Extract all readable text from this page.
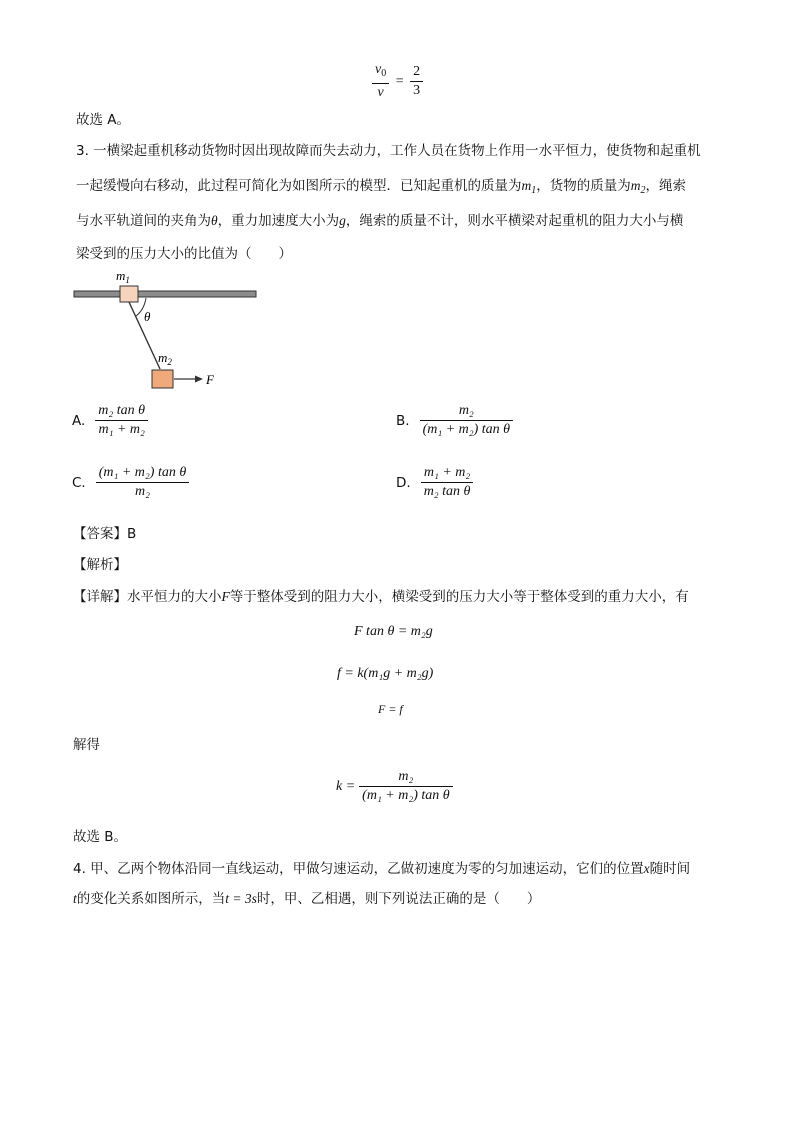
$\frac{v_0}{v} = \frac{2}{3}$
故选 A。
3. 一横梁起重机移动货物时因出现故障而失去动力，工作人员在货物上作用一水平恒力，使货物和起重机
一起缓慢向右移动，此过程可简化为如图所示的模型．已知起重机的质量为$m_1$，货物的质量为$m_2$，绳索
与水平轨道间的夹角为θ，重力加速度大小为g，绳索的质量不计，则水平横梁对起重机的阻力大小与横
梁受到的压力大小的比值为（　　）
$m_1$
θ
$m_2$
F
A. $\frac{\text{m₂ tan θ}}{\text{m₁ + m₂}}$	B. $\frac{\text{m₂}}{\text{(m₁ + m₂) tan θ}}$
C. $\frac{\text{(m₁ + m₂) tan θ}}{\text{m₂}}$	D. $\frac{\text{m₁ + m₂}}{\text{m₂ tan θ}}$
【答案】B
【解析】
【详解】水平恒力的大小F等于整体受到的阻力大小，横梁受到的压力大小等于整体受到的重力大小，有
F tan θ = m₂g
f = k(m₁g + m₂g)
F = f
解得
$k = \frac{\text{m₂}}{\text{(m₁ + m₂) tan θ}}$
故选 B。
4. 甲、乙两个物体沿同一直线运动，甲做匀速运动，乙做初速度为零的匀加速运动，它们的位置x随时间
t的变化关系如图所示，当t = 3s时，甲、乙相遇，则下列说法正确的是（　　）
